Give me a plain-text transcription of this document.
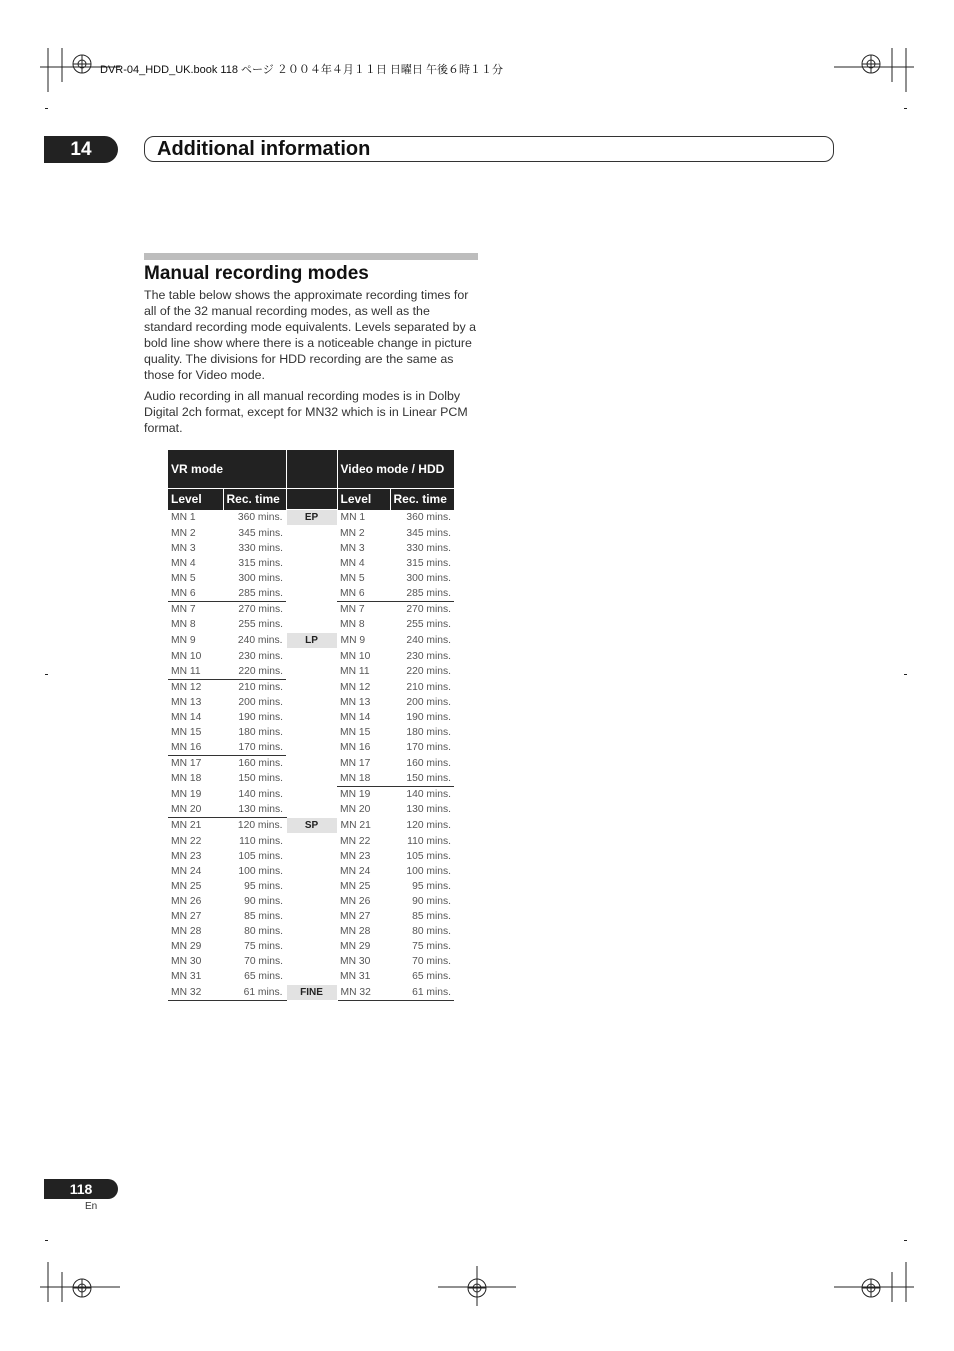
DVR-04_HDD_UK.book 118 ページ ２００４年４月１１日 日曜日 午後６時１１分
14	Additional information
Manual recording modes
The table below shows the approximate recording times for all of the 32 manual recording modes, as well as the standard recording mode equivalents. Levels separated by a bold line show where there is a noticeable change in picture quality. The divisions for HDD recording are the same as those for Video mode.
Audio recording in all manual recording modes is in Dolby Digital 2ch format, except for MN32 which is in Linear PCM format.
VR mode			Video mode / HDD	
Level	Rec. time		Level	Rec. time
MN 1	360 mins.	EP	MN 1	360 mins.
MN 2	345 mins.		MN 2	345 mins.
MN 3	330 mins.		MN 3	330 mins.
MN 4	315 mins.		MN 4	315 mins.
MN 5	300 mins.		MN 5	300 mins.
MN 6	285 mins.		MN 6	285 mins.
MN 7	270 mins.		MN 7	270 mins.
MN 8	255 mins.		MN 8	255 mins.
MN 9	240 mins.	LP	MN 9	240 mins.
MN 10	230 mins.		MN 10	230 mins.
MN 11	220 mins.		MN 11	220 mins.
MN 12	210 mins.		MN 12	210 mins.
MN 13	200 mins.		MN 13	200 mins.
MN 14	190 mins.		MN 14	190 mins.
MN 15	180 mins.		MN 15	180 mins.
MN 16	170 mins.		MN 16	170 mins.
MN 17	160 mins.		MN 17	160 mins.
MN 18	150 mins.		MN 18	150 mins.
MN 19	140 mins.		MN 19	140 mins.
MN 20	130 mins.		MN 20	130 mins.
MN 21	120 mins.	SP	MN 21	120 mins.
MN 22	110 mins.		MN 22	110 mins.
MN 23	105 mins.		MN 23	105 mins.
MN 24	100 mins.		MN 24	100 mins.
MN 25	95 mins.		MN 25	95 mins.
MN 26	90 mins.		MN 26	90 mins.
MN 27	85 mins.		MN 27	85 mins.
MN 28	80 mins.		MN 28	80 mins.
MN 29	75 mins.		MN 29	75 mins.
MN 30	70 mins.		MN 30	70 mins.
MN 31	65 mins.		MN 31	65 mins.
MN 32	61 mins.	FINE	MN 32	61 mins.
118
En
